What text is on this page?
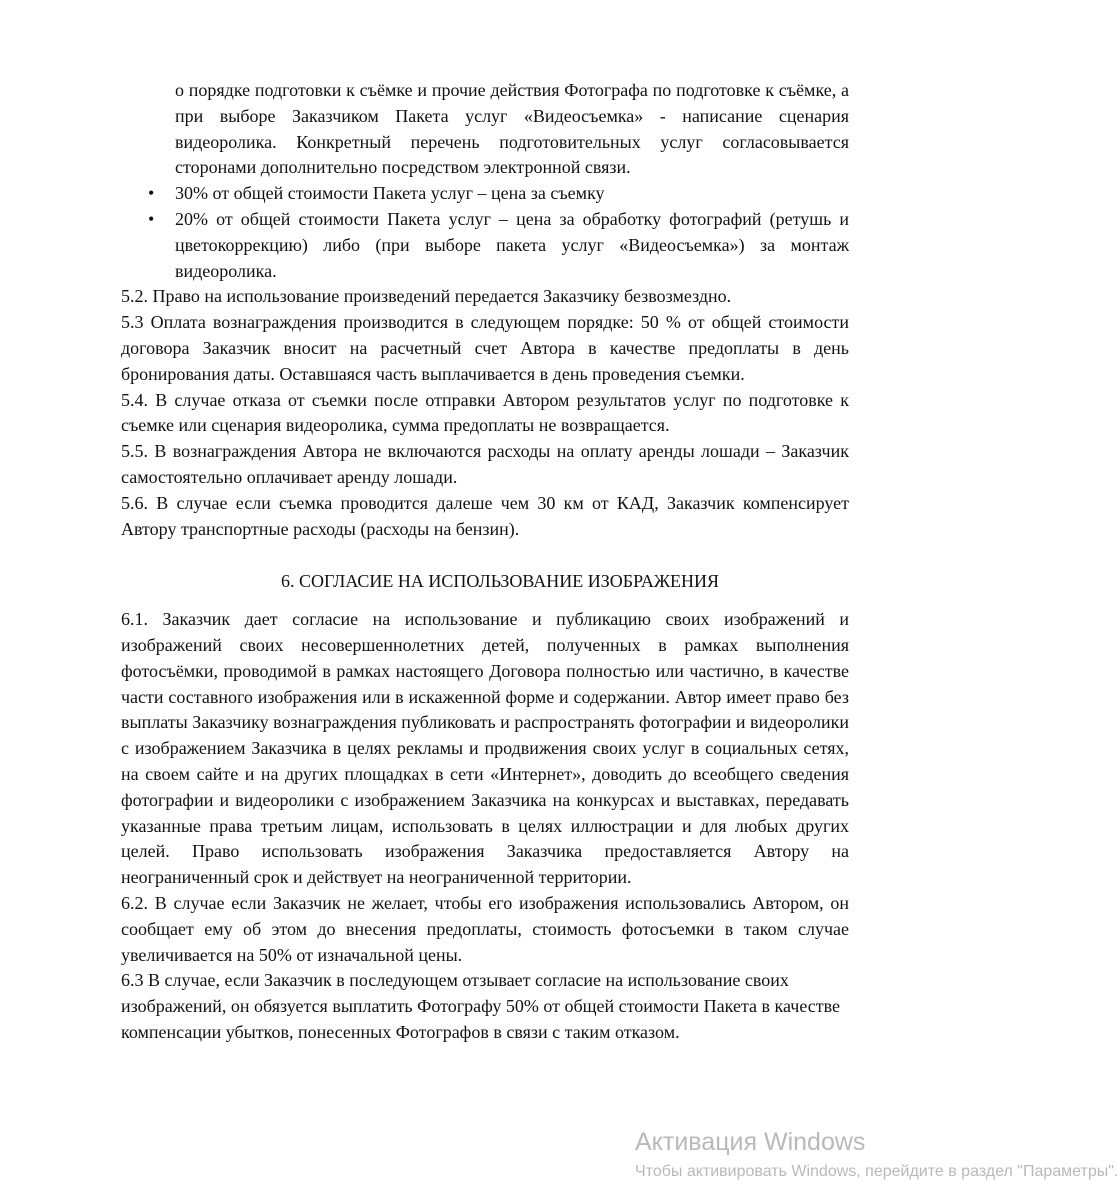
о порядке подготовки к съёмке и прочие действия Фотографа по подготовке к съёмке, а при выборе Заказчиком Пакета услуг «Видеосъемка» - написание сценария видеоролика. Конкретный перечень подготовительных услуг согласовывается сторонами дополнительно посредством электронной связи.

• 30% от общей стоимости Пакета услуг – цена за съемку
• 20% от общей стоимости Пакета услуг – цена за обработку фотографий (ретушь и цветокоррекцию) либо (при выборе пакета услуг «Видеосъемка») за монтаж видеоролика.

5.2. Право на использование произведений передается Заказчику безвозмездно.

5.3 Оплата вознаграждения производится в следующем порядке: 50 % от общей стоимости договора Заказчик вносит на расчетный счет Автора в качестве предоплаты в день бронирования даты. Оставшаяся часть выплачивается в день проведения съемки.

5.4. В случае отказа от съемки после отправки Автором результатов услуг по подготовке к съемке или сценария видеоролика, сумма предоплаты не возвращается.

5.5. В вознаграждения Автора не включаются расходы на оплату аренды лошади – Заказчик самостоятельно оплачивает аренду лошади.

5.6. В случае если съемка проводится далеше чем 30 км от КАД, Заказчик компенсирует Автору транспортные расходы (расходы на бензин).

6. СОГЛАСИЕ НА ИСПОЛЬЗОВАНИЕ ИЗОБРАЖЕНИЯ

6.1. Заказчик дает согласие на использование и публикацию своих изображений и изображений своих несовершеннолетних детей, полученных в рамках выполнения фотосъёмки, проводимой в рамках настоящего Договора полностью или частично, в качестве части составного изображения или в искаженной форме и содержании. Автор имеет право без выплаты Заказчику вознаграждения публиковать и распространять фотографии и видеоролики с изображением Заказчика в целях рекламы и продвижения своих услуг в социальных сетях, на своем сайте и на других площадках в сети «Интернет», доводить до всеобщего сведения фотографии и видеоролики с изображением Заказчика на конкурсах и выставках, передавать указанные права третьим лицам, использовать в целях иллюстрации и для любых других целей. Право использовать изображения Заказчика предоставляется Автору на неограниченный срок и действует на неограниченной территории.

6.2. В случае если Заказчик не желает, чтобы его изображения использовались Автором, он сообщает ему об этом до внесения предоплаты, стоимость фотосъемки в таком случае увеличивается на 50% от изначальной цены.

6.3 В случае, если Заказчик в последующем отзывает согласие на использование своих изображений, он обязуется выплатить Фотографу 50% от общей стоимости Пакета в качестве компенсации убытков, понесенных Фотографов в связи с таким отказом.

Активация Windows
Чтобы активировать Windows, перейдите в раздел "Параметры".
